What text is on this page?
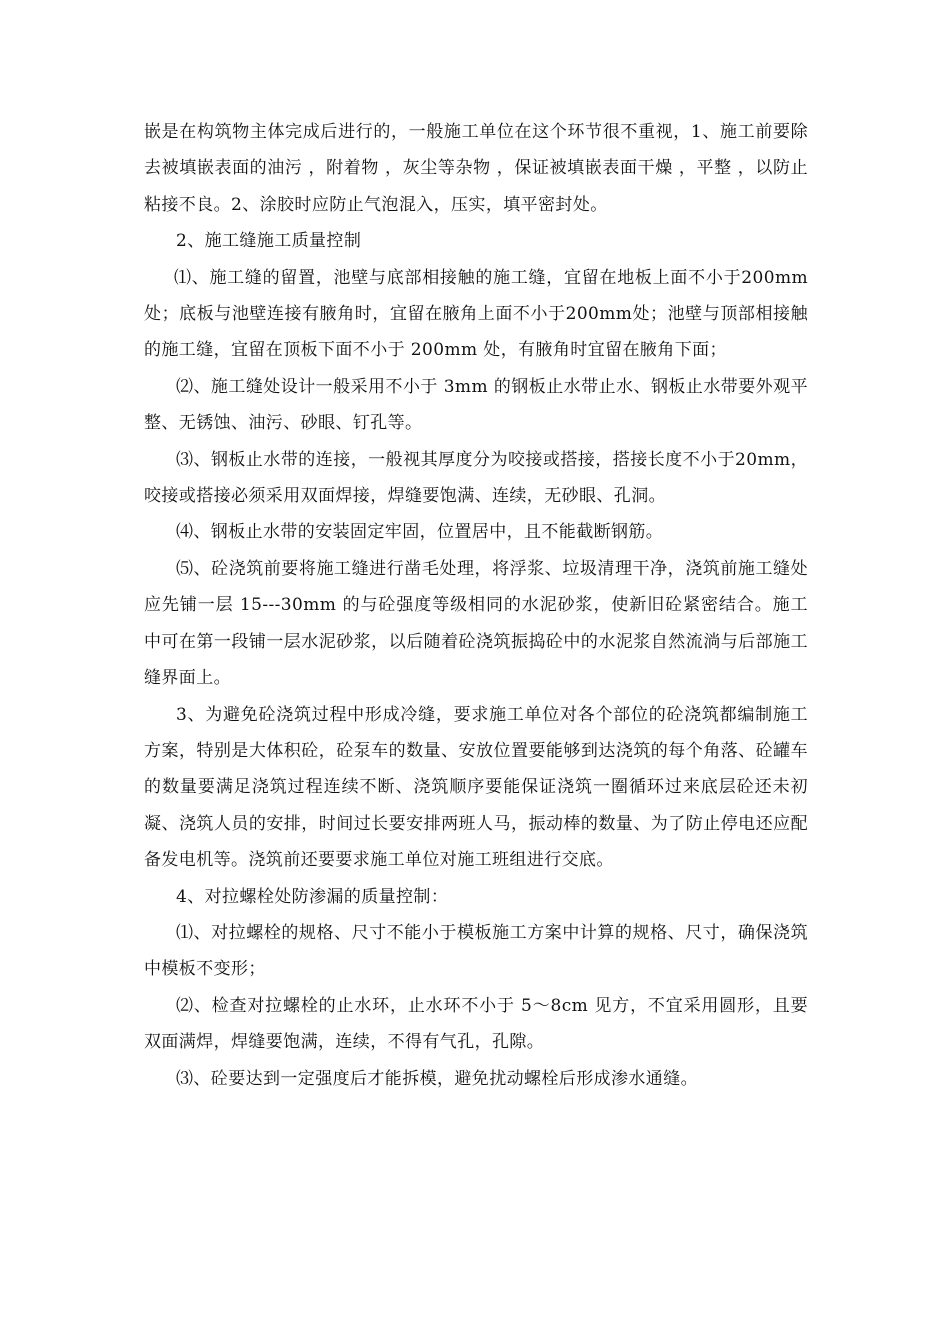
嵌是在构筑物主体完成后进行的，一般施工单位在这个环节很不重视，1、施工前要除去被填嵌表面的油污 ，附着物 ，灰尘等杂物 ，保证被填嵌表面干燥 ，平整 ，以防止粘接不良。2、涂胶时应防止气泡混入，压实，填平密封处。

2、施工缝施工质量控制

⑴、施工缝的留置，池壁与底部相接触的施工缝，宜留在地板上面不小于200mm处；底板与池壁连接有腋角时，宜留在腋角上面不小于200mm处；池壁与顶部相接触的施工缝，宜留在顶板下面不小于 200mm 处，有腋角时宜留在腋角下面；

⑵、施工缝处设计一般采用不小于 3mm 的钢板止水带止水、钢板止水带要外观平整、无锈蚀、油污、砂眼、钉孔等。

⑶、钢板止水带的连接，一般视其厚度分为咬接或搭接，搭接长度不小于20mm，咬接或搭接必须采用双面焊接，焊缝要饱满、连续，无砂眼、孔洞。

⑷、钢板止水带的安装固定牢固，位置居中，且不能截断钢筋。

⑸、砼浇筑前要将施工缝进行凿毛处理，将浮浆、垃圾清理干净，浇筑前施工缝处应先铺一层 15---30mm 的与砼强度等级相同的水泥砂浆，使新旧砼紧密结合。施工中可在第一段铺一层水泥砂浆，以后随着砼浇筑振捣砼中的水泥浆自然流淌与后部施工缝界面上。

3、为避免砼浇筑过程中形成冷缝，要求施工单位对各个部位的砼浇筑都编制施工方案，特别是大体积砼，砼泵车的数量、安放位置要能够到达浇筑的每个角落、砼罐车的数量要满足浇筑过程连续不断、浇筑顺序要能保证浇筑一圈循环过来底层砼还未初凝、浇筑人员的安排，时间过长要安排两班人马，振动棒的数量、为了防止停电还应配备发电机等。浇筑前还要要求施工单位对施工班组进行交底。

4、对拉螺栓处防渗漏的质量控制：

⑴、对拉螺栓的规格、尺寸不能小于模板施工方案中计算的规格、尺寸，确保浇筑中模板不变形；

⑵、检查对拉螺栓的止水环，止水环不小于 5～8cm 见方，不宜采用圆形，且要双面满焊，焊缝要饱满，连续，不得有气孔，孔隙。

⑶、砼要达到一定强度后才能拆模，避免扰动螺栓后形成渗水通缝。
